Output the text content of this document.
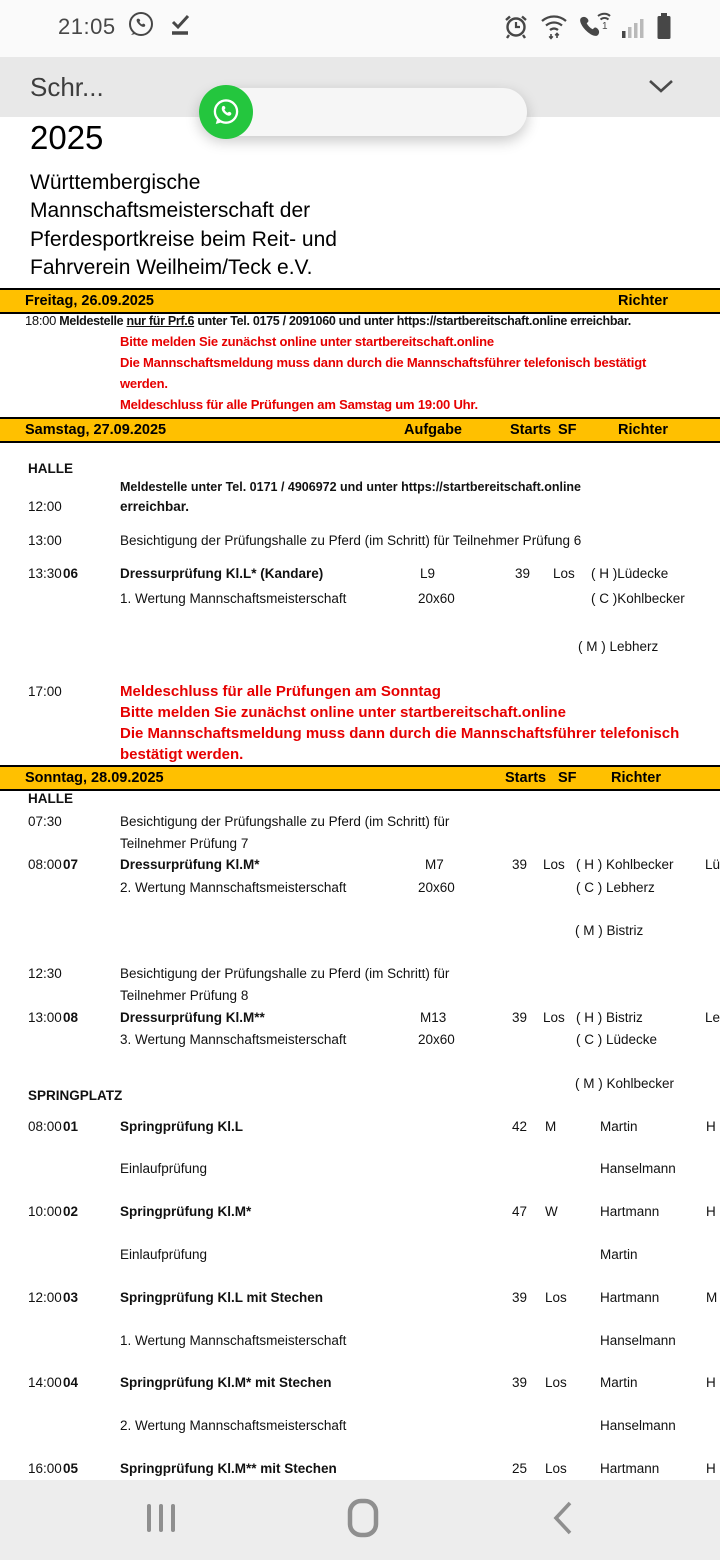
21:05	1
Schr...
2025
Württembergische
Mannschaftsmeisterschaft der
Pferdesportkreise beim Reit- und
Fahrverein Weilheim/Teck e.V.
Freitag, 26.09.2025	Richter
18:00 Meldestelle nur für Prf.6 unter Tel. 0175 / 2091060 und unter https://startbereitschaft.online erreichbar.
Bitte melden Sie zunächst online unter startbereitschaft.online
Die Mannschaftsmeldung muss dann durch die Mannschaftsführer telefonisch bestätigt
werden.
Meldeschluss für alle Prüfungen am Samstag um 19:00 Uhr.
Samstag, 27.09.2025	Aufgabe	Starts SF	Richter
HALLE
Meldestelle unter Tel. 0171 / 4906972 und unter https://startbereitschaft.online
12:00	erreichbar.
13:00	Besichtigung der Prüfungshalle zu Pferd (im Schritt) für Teilnehmer Prüfung 6
13:30 06	Dressurprüfung Kl.L* (Kandare)	L9	39 Los ( H )Lüdecke
1. Wertung Mannschaftsmeisterschaft	20x60	( C )Kohlbecker
( M ) Lebherz
17:00	Meldeschluss für alle Prüfungen am Sonntag
Bitte melden Sie zunächst online unter startbereitschaft.online
Die Mannschaftsmeldung muss dann durch die Mannschaftsführer telefonisch
bestätigt werden.
Sonntag, 28.09.2025	Starts SF Richter
HALLE
07:30	Besichtigung der Prüfungshalle zu Pferd (im Schritt) für
Teilnehmer Prüfung 7
08:00 07	Dressurprüfung Kl.M*	M7	39 Los ( H ) Kohlbecker Lü
2. Wertung Mannschaftsmeisterschaft	20x60	( C ) Lebherz
( M ) Bistriz
12:30	Besichtigung der Prüfungshalle zu Pferd (im Schritt) für
Teilnehmer Prüfung 8
13:00 08	Dressurprüfung Kl.M**	M13	39 Los ( H ) Bistriz	Le
3. Wertung Mannschaftsmeisterschaft	20x60	( C ) Lüdecke
( M ) Kohlbecker
SPRINGPLATZ
08:00 01	Springprüfung Kl.L	42 M	Martin	H
Einlaufprüfung	Hanselmann
10:00 02	Springprüfung Kl.M*	47 W	Hartmann	H
Einlaufprüfung	Martin
12:00 03	Springprüfung Kl.L mit Stechen	39 Los Hartmann	M
1. Wertung Mannschaftsmeisterschaft	Hanselmann
14:00 04	Springprüfung Kl.M* mit Stechen	39 Los Martin	H
2. Wertung Mannschaftsmeisterschaft	Hanselmann
16:00 05	Springprüfung Kl.M** mit Stechen	25 Los Hartmann	H
